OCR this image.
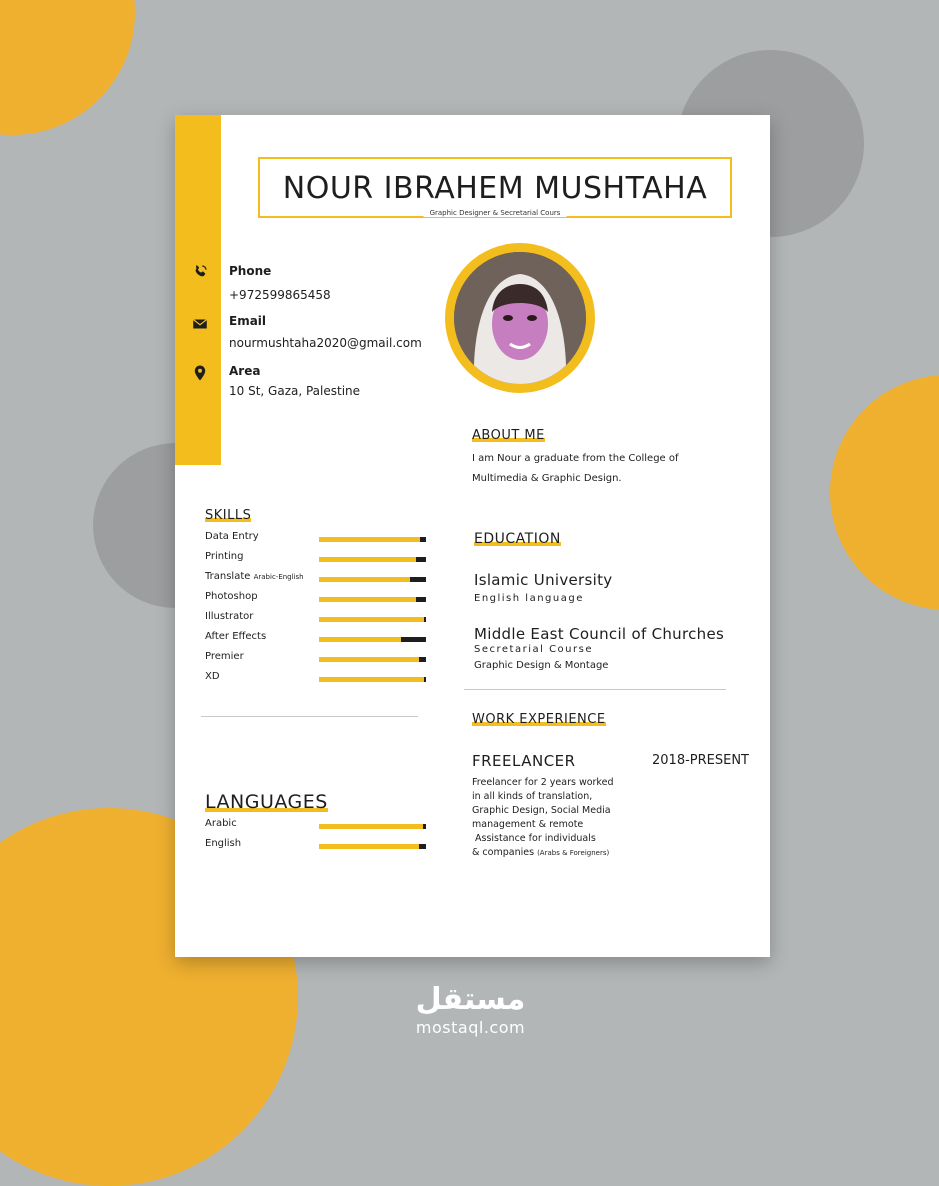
NOUR IBRAHEM MUSHTAHA
Graphic Designer & Secretarial Cours
Phone
+972599865458
Email
nourmushtaha2020@gmail.com
Area
10 St, Gaza, Palestine
ABOUT ME
I am Nour a graduate from the College of Multimedia & Graphic Design.
SKILLS
Data Entry
Printing
Translate Arabic-English
Photoshop
Illustrator
After Effects
Premier
XD
LANGUAGES
Arabic
English
EDUCATION
Islamic University
English language
Middle East Council of Churches
Secretarial Course
Graphic Design & Montage
WORK EXPERIENCE
FREELANCER	2018-PRESENT
Freelancer for 2 years worked
in all kinds of translation,
Graphic Design, Social Media
management & remote
Assistance for individuals
& companies (Arabs & Foreigners)
مستقل
mostaql.com
